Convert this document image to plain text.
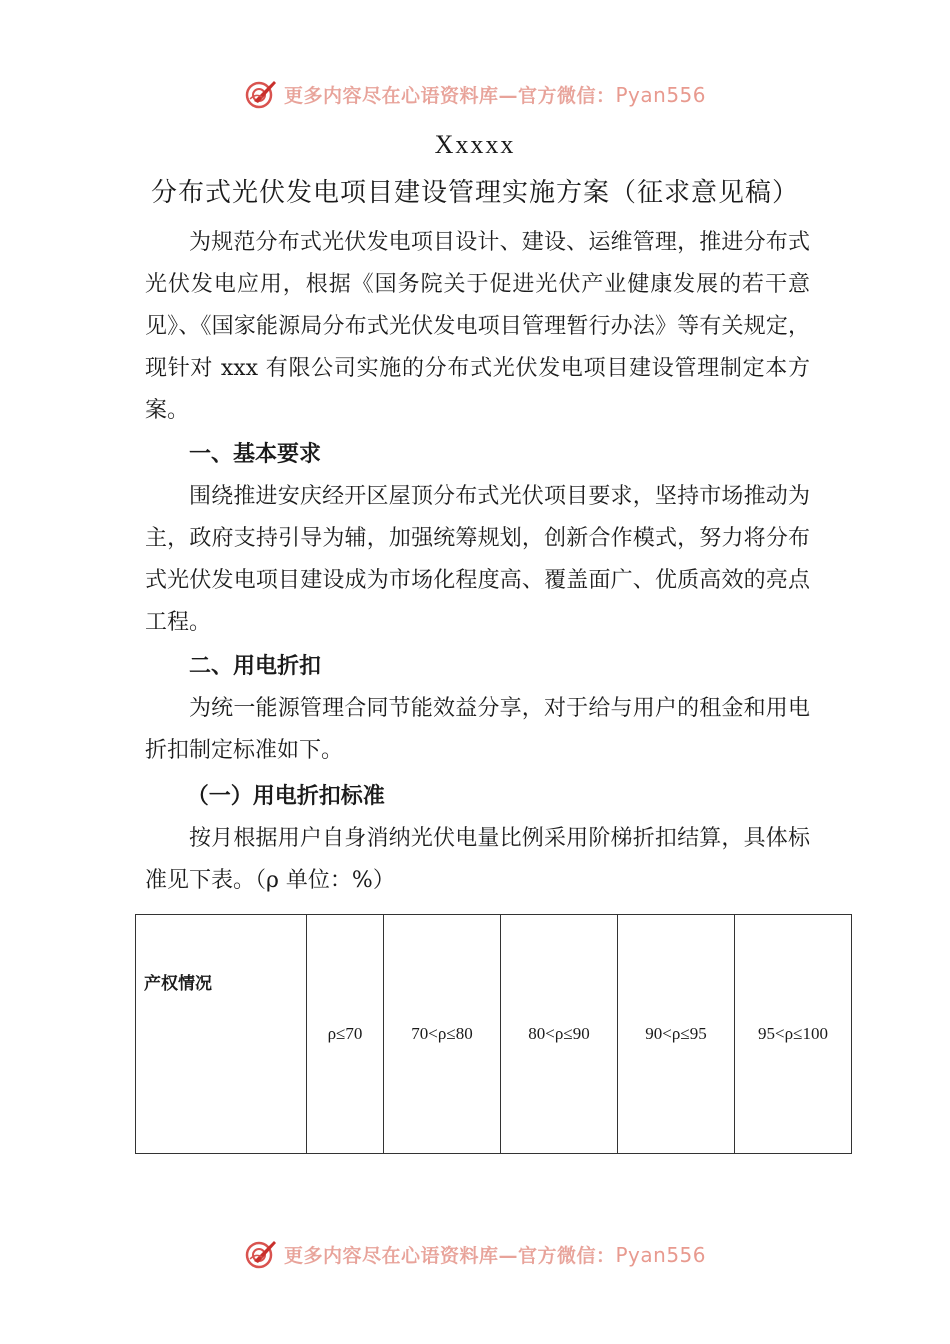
更多内容尽在心语资料库—官方微信：Pyan556
Xxxxx
分布式光伏发电项目建设管理实施方案（征求意见稿）

为规范分布式光伏发电项目设计、建设、运维管理，推进分布式光伏发电应用，根据《国务院关于促进光伏产业健康发展的若干意见》、《国家能源局分布式光伏发电项目管理暂行办法》等有关规定，现针对 xxx 有限公司实施的分布式光伏发电项目建设管理制定本方案。

一、基本要求

围绕推进安庆经开区屋顶分布式光伏项目要求，坚持市场推动为主，政府支持引导为辅，加强统筹规划，创新合作模式，努力将分布式光伏发电项目建设成为市场化程度高、覆盖面广、优质高效的亮点工程。

二、用电折扣

为统一能源管理合同节能效益分享，对于给与用户的租金和用电折扣制定标准如下。

（一）用电折扣标准

按月根据用户自身消纳光伏电量比例采用阶梯折扣结算，具体标准见下表。（ρ 单位：%）

产权情况	ρ≤70	70<ρ≤80	80<ρ≤90	90<ρ≤95	95<ρ≤100
更多内容尽在心语资料库—官方微信：Pyan556
